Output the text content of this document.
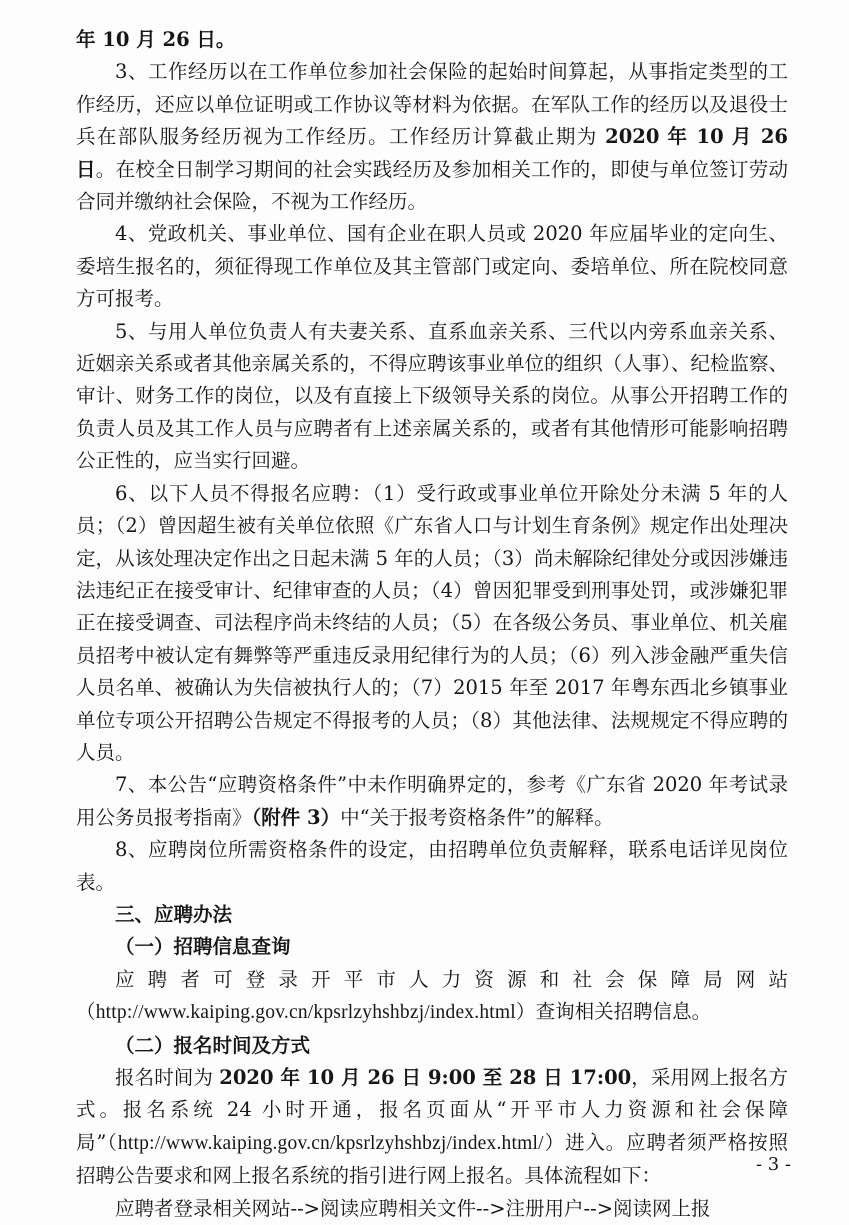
年 10 月 26 日。

3、工作经历以在工作单位参加社会保险的起始时间算起，从事指定类型的工作经历，还应以单位证明或工作协议等材料为依据。在军队工作的经历以及退役士兵在部队服务经历视为工作经历。工作经历计算截止期为 2020 年 10 月 26 日。在校全日制学习期间的社会实践经历及参加相关工作的，即使与单位签订劳动合同并缴纳社会保险，不视为工作经历。

4、党政机关、事业单位、国有企业在职人员或 2020 年应届毕业的定向生、委培生报名的，须征得现工作单位及其主管部门或定向、委培单位、所在院校同意方可报考。

5、与用人单位负责人有夫妻关系、直系血亲关系、三代以内旁系血亲关系、近姻亲关系或者其他亲属关系的，不得应聘该事业单位的组织（人事）、纪检监察、审计、财务工作的岗位，以及有直接上下级领导关系的岗位。从事公开招聘工作的负责人员及其工作人员与应聘者有上述亲属关系的，或者有其他情形可能影响招聘公正性的，应当实行回避。

6、以下人员不得报名应聘：（1）受行政或事业单位开除处分未满 5 年的人员；（2）曾因超生被有关单位依照《广东省人口与计划生育条例》规定作出处理决定，从该处理决定作出之日起未满 5 年的人员；（3）尚未解除纪律处分或因涉嫌违法违纪正在接受审计、纪律审查的人员；（4）曾因犯罪受到刑事处罚，或涉嫌犯罪正在接受调查、司法程序尚未终结的人员；（5）在各级公务员、事业单位、机关雇员招考中被认定有舞弊等严重违反录用纪律行为的人员；（6）列入涉金融严重失信人员名单、被确认为失信被执行人的；（7）2015 年至 2017 年粤东西北乡镇事业单位专项公开招聘公告规定不得报考的人员；（8）其他法律、法规规定不得应聘的人员。

7、本公告“应聘资格条件”中未作明确界定的，参考《广东省 2020 年考试录用公务员报考指南》（附件 3）中“关于报考资格条件”的解释。

8、应聘岗位所需资格条件的设定，由招聘单位负责解释，联系电话详见岗位表。

三、应聘办法

（一）招聘信息查询

应聘者可登录开平市人力资源和社会保障局网站（http://www.kaiping.gov.cn/kpsrlzyhshbzj/index.html）查询相关招聘信息。

（二）报名时间及方式

报名时间为 2020 年 10 月 26 日 9:00 至 28 日 17:00，采用网上报名方式。报名系统 24 小时开通，报名页面从“开平市人力资源和社会保障局”（http://www.kaiping.gov.cn/kpsrlzyhshbzj/index.html/）进入。应聘者须严格按照招聘公告要求和网上报名系统的指引进行网上报名。具体流程如下：

应聘者登录相关网站-->阅读应聘相关文件-->注册用户-->阅读网上报

- 3 -
